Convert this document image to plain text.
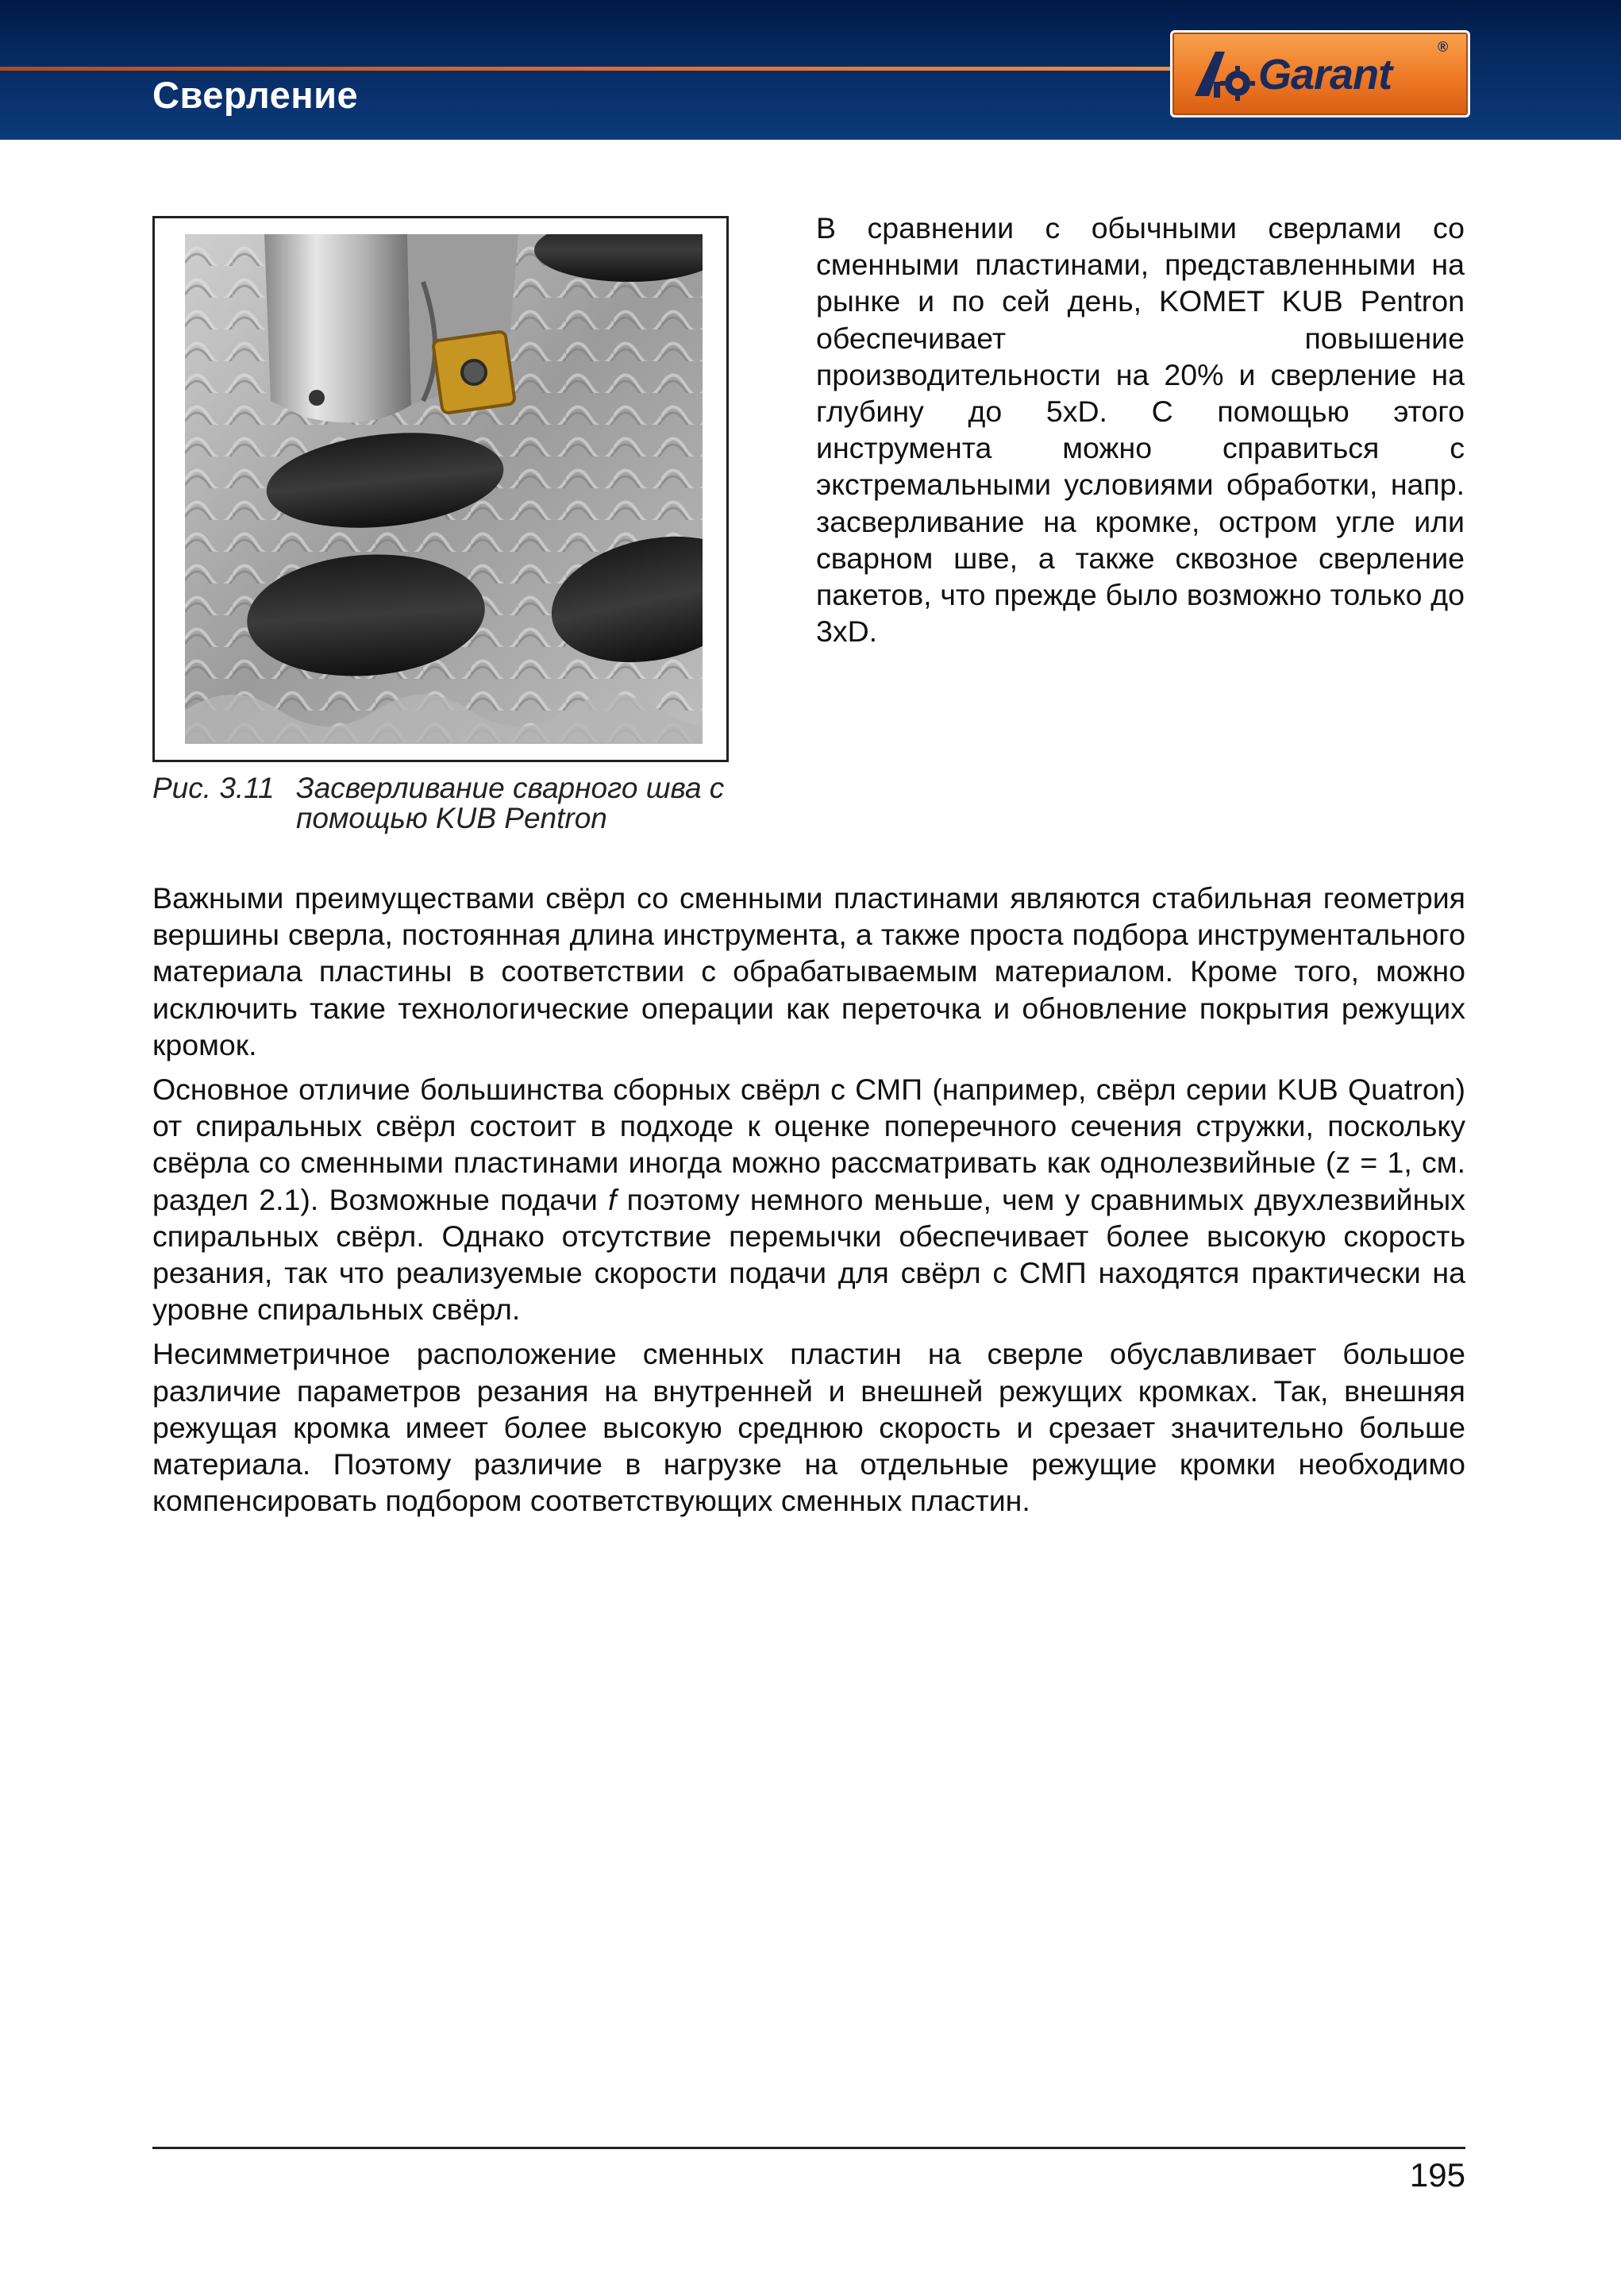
Сверление	Garant
®
Рис. 3.11 Засверливание сварного шва с
помощью KUB Pentron

В сравнении с обычными сверлами со сменными пластинами, представленными на рынке и по сей день, KOMET KUB Pentron обеспечивает повышение производительности на 20% и сверление на глубину до 5xD. С помощью этого инструмента можно справиться с экстремальными условиями обработки, напр. засверливание на кромке, остром угле или сварном шве, а также сквозное сверление пакетов, что прежде было возможно только до 3xD.

Важными преимуществами свёрл со сменными пластинами являются стабильная геометрия вершины сверла, постоянная длина инструмента, а также проста подбора инструментального материала пластины в соответствии с обрабатываемым материалом. Кроме того, можно исключить такие технологические операции как переточка и обновление покрытия режущих кромок.

Основное отличие большинства сборных свёрл с СМП (например, свёрл серии KUB Quatron) от спиральных свёрл состоит в подходе к оценке поперечного сечения стружки, поскольку свёрла со сменными пластинами иногда можно рассматривать как однолезвийные (z = 1, см. раздел 2.1). Возможные подачи f поэтому немного меньше, чем у сравнимых двухлезвийных спиральных свёрл. Однако отсутствие перемычки обеспечивает более высокую скорость резания, так что реализуемые скорости подачи для свёрл с СМП находятся практически на уровне спиральных свёрл.

Несимметричное расположение сменных пластин на сверле обуславливает большое различие параметров резания на внутренней и внешней режущих кромках. Так, внешняя режущая кромка имеет более высокую среднюю скорость и срезает значительно больше материала. Поэтому различие в нагрузке на отдельные режущие кромки необходимо компенсировать подбором соответствующих сменных пластин.

195
